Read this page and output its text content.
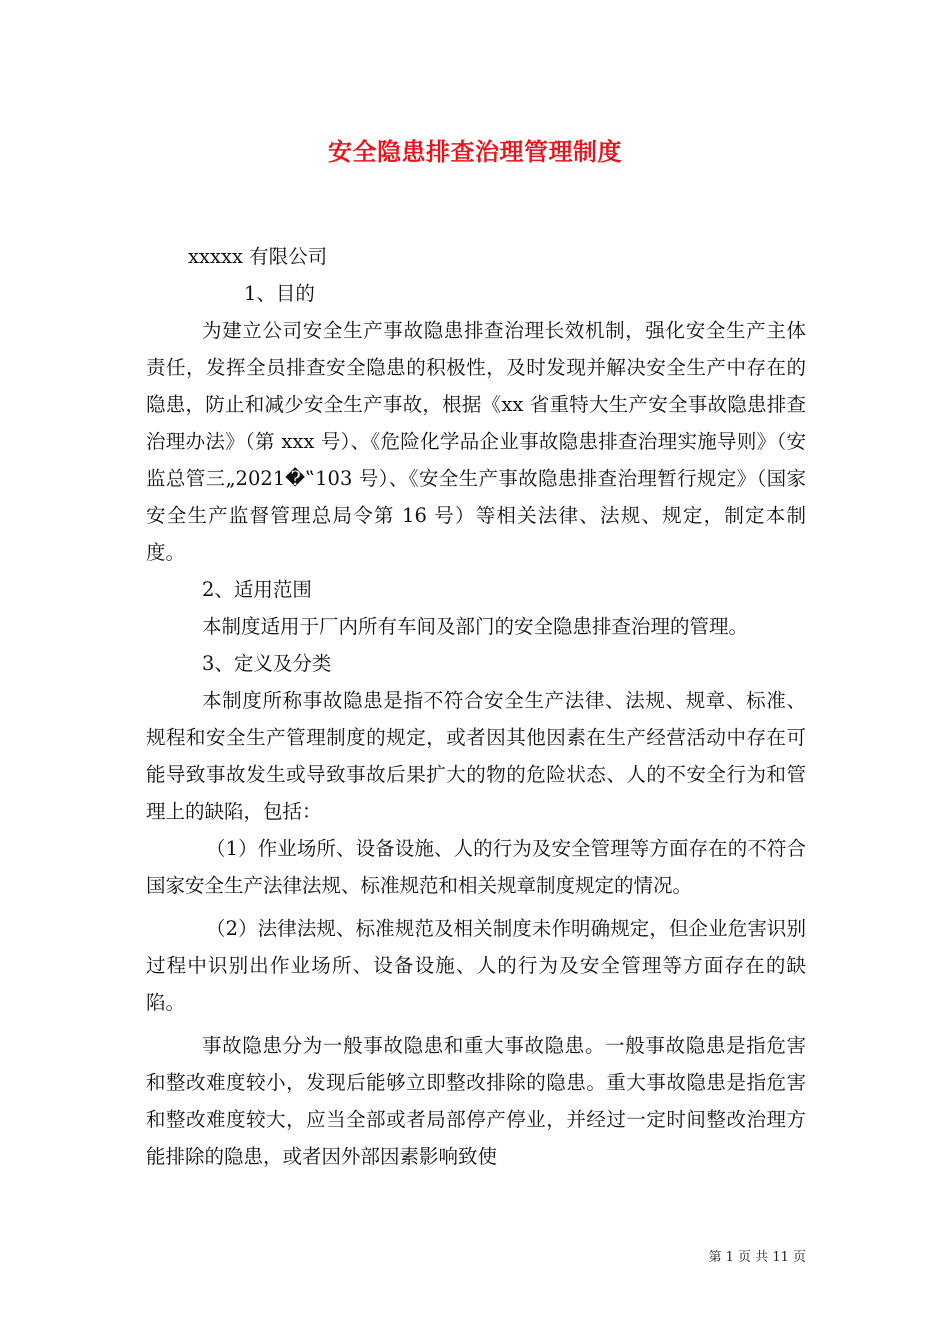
安全隐患排查治理管理制度

xxxxx 有限公司

1、目的

为建立公司安全生产事故隐患排查治理长效机制，强化安全生产主体责任，发挥全员排查安全隐患的积极性，及时发现并解决安全生产中存在的隐患，防止和减少安全生产事故，根据《xx 省重特大生产安全事故隐患排查治理办法》（第 xxx 号）、《危险化学品企业事故隐患排查治理实施导则》（安监总管三„2021�‟103 号）、《安全生产事故隐患排查治理暂行规定》（国家安全生产监督管理总局令第 16 号）等相关法律、法规、规定，制定本制度。

2、适用范围

本制度适用于厂内所有车间及部门的安全隐患排查治理的管理。

3、定义及分类

本制度所称事故隐患是指不符合安全生产法律、法规、规章、标准、规程和安全生产管理制度的规定，或者因其他因素在生产经营活动中存在可能导致事故发生或导致事故后果扩大的物的危险状态、人的不安全行为和管理上的缺陷，包括：

（1）作业场所、设备设施、人的行为及安全管理等方面存在的不符合国家安全生产法律法规、标准规范和相关规章制度规定的情况。

（2）法律法规、标准规范及相关制度未作明确规定，但企业危害识别过程中识别出作业场所、设备设施、人的行为及安全管理等方面存在的缺陷。

事故隐患分为一般事故隐患和重大事故隐患。一般事故隐患是指危害和整改难度较小，发现后能够立即整改排除的隐患。重大事故隐患是指危害和整改难度较大，应当全部或者局部停产停业，并经过一定时间整改治理方能排除的隐患，或者因外部因素影响致使

第 1 页 共 11 页
